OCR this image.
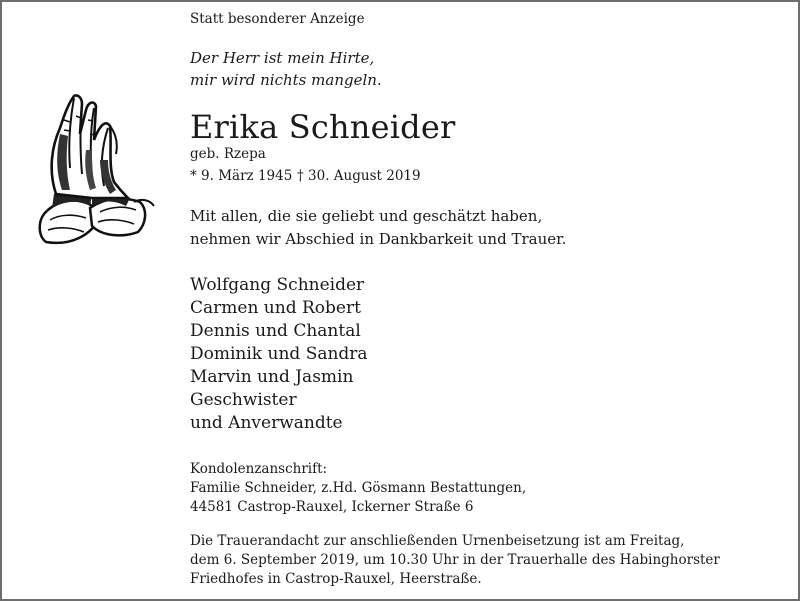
Statt besonderer Anzeige
Der Herr ist mein Hirte,
mir wird nichts mangeln.
Erika Schneider
geb. Rzepa
* 9. März 1945 † 30. August 2019
Mit allen, die sie geliebt und geschätzt haben,
nehmen wir Abschied in Dankbarkeit und Trauer.
Wolfgang Schneider
Carmen und Robert
Dennis und Chantal
Dominik und Sandra
Marvin und Jasmin
Geschwister
und Anverwandte
Kondolenzanschrift:
Familie Schneider, z.Hd. Gösmann Bestattungen,
44581 Castrop-Rauxel, Ickerner Straße 6
Die Trauerandacht zur anschließenden Urnenbeisetzung ist am Freitag,
dem 6. September 2019, um 10.30 Uhr in der Trauerhalle des Habinghorster
Friedhofes in Castrop-Rauxel, Heerstraße.
